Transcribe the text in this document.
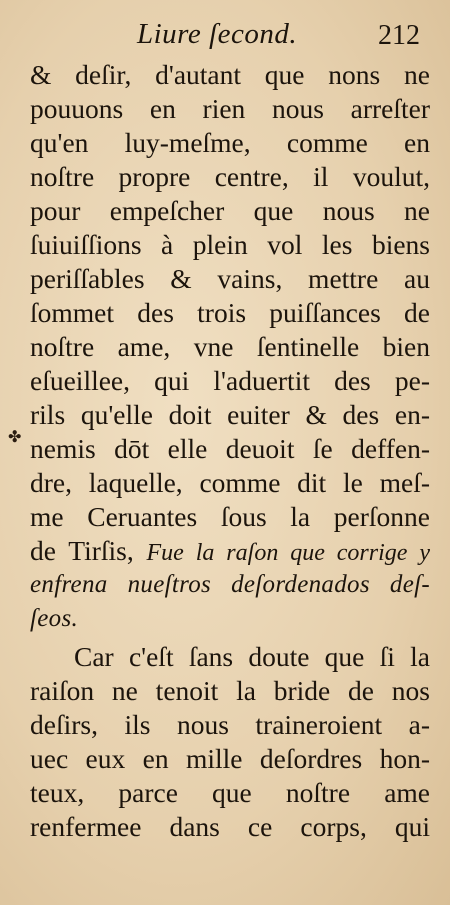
Liure ſecond.	212
✤
& deſir, d'autant que nons ne
pouuons en rien nous arreſter
qu'en luy-meſme, comme en
noſtre propre centre, il voulut,
pour empeſcher que nous ne
ſuiuiſſions à plein vol les biens
periſſables & vains, mettre au
ſommet des trois puiſſances de
noſtre ame, vne ſentinelle bien
eſueillee, qui l'aduertit des pe-
rils qu'elle doit euiter & des en-
nemis dōt elle deuoit ſe deffen-
dre, laquelle, comme dit le meſ-
me Ceruantes ſous la perſonne
de Tirſis, Fue la raſon que corrige y
enfrena nueſtros deſordenados deſ-
ſeos.
Car c'eſt ſans doute que ſi la
raiſon ne tenoit la bride de nos
deſirs, ils nous traineroient a-
uec eux en mille deſordres hon-
teux, parce que noſtre ame
renfermee dans ce corps, qui
